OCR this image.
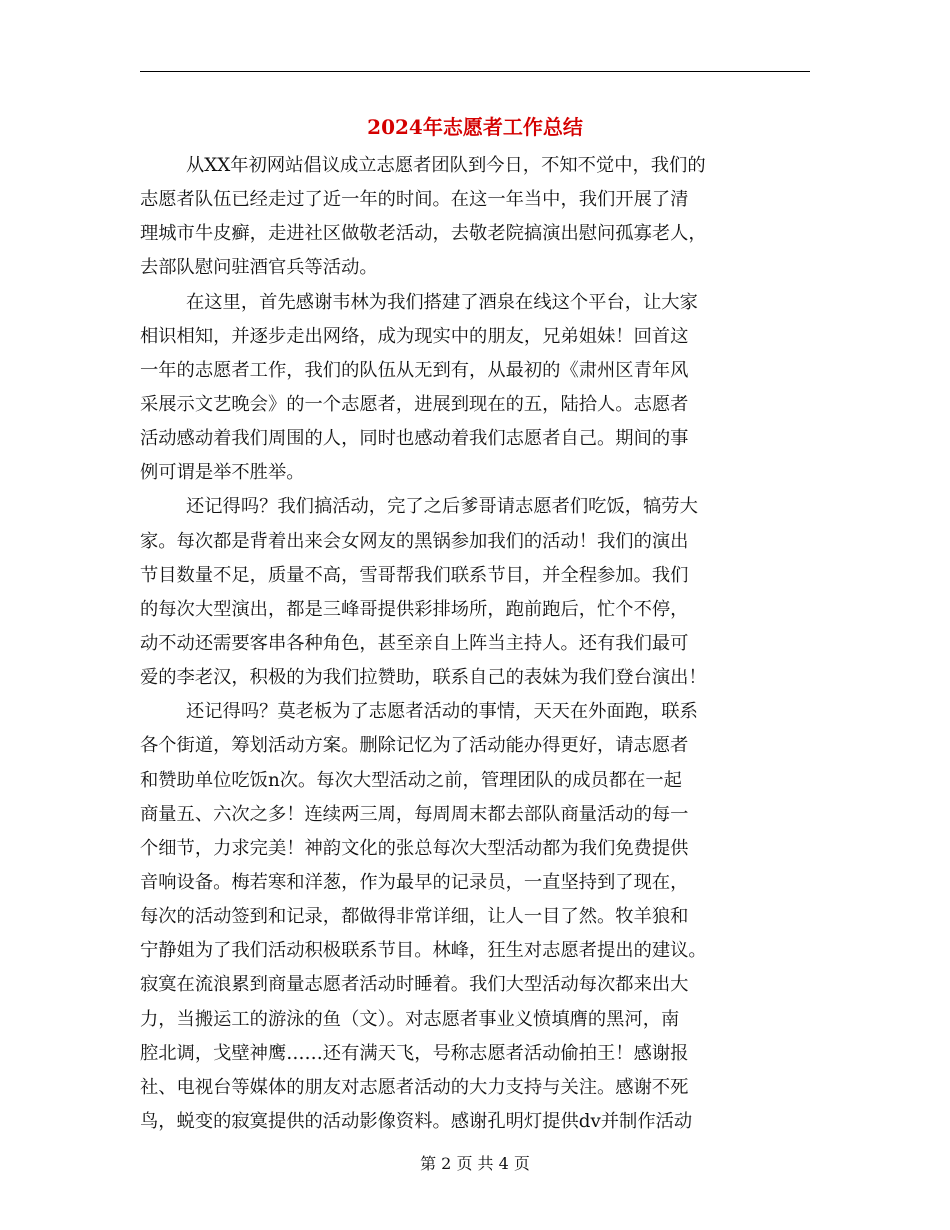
2024年志愿者工作总结
从XX年初网站倡议成立志愿者团队到今日，不知不觉中，我们的
志愿者队伍已经走过了近一年的时间。在这一年当中，我们开展了清
理城市牛皮癣，走进社区做敬老活动，去敬老院搞演出慰问孤寡老人，
去部队慰问驻酒官兵等活动。
在这里，首先感谢韦林为我们搭建了酒泉在线这个平台，让大家
相识相知，并逐步走出网络，成为现实中的朋友，兄弟姐妹！回首这
一年的志愿者工作，我们的队伍从无到有，从最初的《肃州区青年风
采展示文艺晚会》的一个志愿者，进展到现在的五，陆拾人。志愿者
活动感动着我们周围的人，同时也感动着我们志愿者自己。期间的事
例可谓是举不胜举。
还记得吗？我们搞活动，完了之后爹哥请志愿者们吃饭，犒劳大
家。每次都是背着出来会女网友的黑锅参加我们的活动！我们的演出
节目数量不足，质量不高，雪哥帮我们联系节目，并全程参加。我们
的每次大型演出，都是三峰哥提供彩排场所，跑前跑后，忙个不停，
动不动还需要客串各种角色，甚至亲自上阵当主持人。还有我们最可
爱的李老汉，积极的为我们拉赞助，联系自己的表妹为我们登台演出！
还记得吗？莫老板为了志愿者活动的事情，天天在外面跑，联系
各个街道，筹划活动方案。删除记忆为了活动能办得更好，请志愿者
和赞助单位吃饭n次。每次大型活动之前，管理团队的成员都在一起
商量五、六次之多！连续两三周，每周周末都去部队商量活动的每一
个细节，力求完美！神韵文化的张总每次大型活动都为我们免费提供
音响设备。梅若寒和洋葱，作为最早的记录员，一直坚持到了现在，
每次的活动签到和记录，都做得非常详细，让人一目了然。牧羊狼和
宁静姐为了我们活动积极联系节目。林峰，狂生对志愿者提出的建议。
寂寞在流浪累到商量志愿者活动时睡着。我们大型活动每次都来出大
力，当搬运工的游泳的鱼（文）。对志愿者事业义愤填膺的黑河，南
腔北调，戈壁神鹰……还有满天飞，号称志愿者活动偷拍王！感谢报
社、电视台等媒体的朋友对志愿者活动的大力支持与关注。感谢不死
鸟，蜕变的寂寞提供的活动影像资料。感谢孔明灯提供dv并制作活动
第 2 页 共 4 页
